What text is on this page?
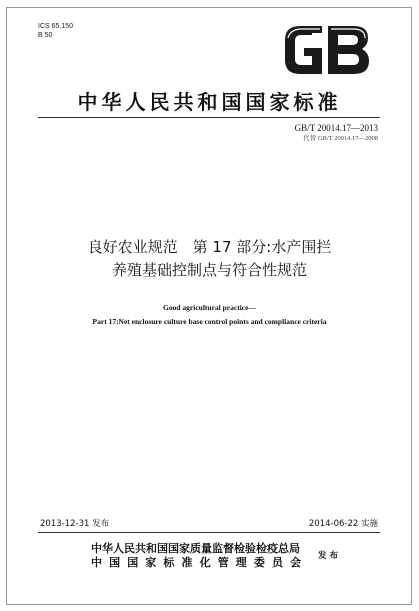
ICS 65.150
B 50
中华人民共和国国家标准
GB/T 20014.17—2013
代替 GB/T 20014.17—2008
良好农业规范　第 17 部分:水产围拦
养殖基础控制点与符合性规范
Good agricultural practice—
Part 17:Net enclosure culture base control points and compliance criteria
2013-12-31 发布	2014-06-22 实施
中华人民共和国国家质量监督检验检疫总局
中国国家标准化管理委员会 发 布
